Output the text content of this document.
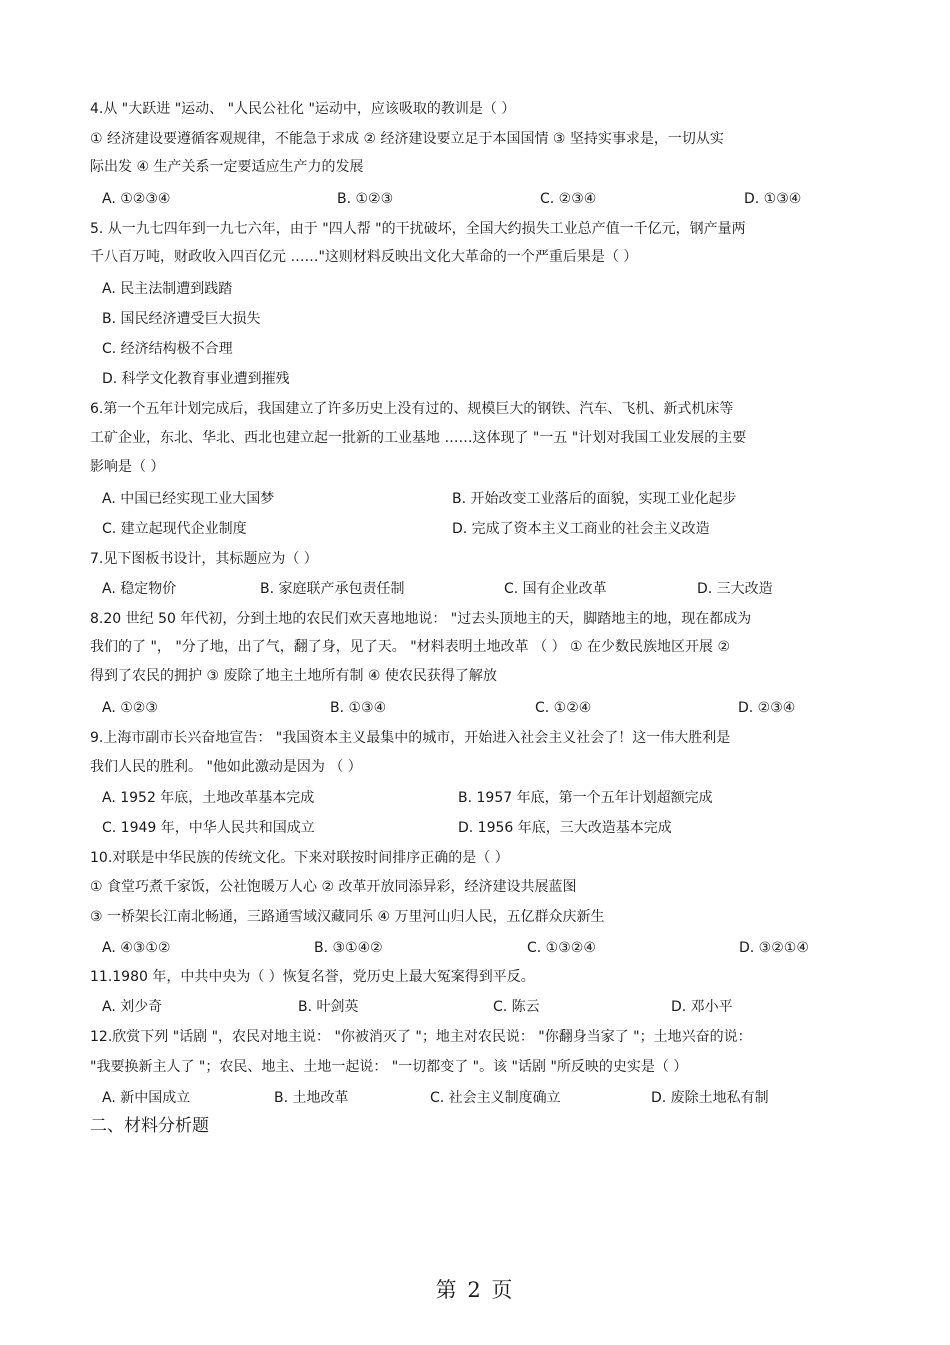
4.从 "大跃进 "运动、 "人民公社化 "运动中，应该吸取的教训是（ ）
① 经济建设要遵循客观规律，不能急于求成 ② 经济建设要立足于本国国情 ③ 坚持实事求是，一切从实
际出发 ④ 生产关系一定要适应生产力的发展
A. ①②③④	B. ①②③	C. ②③④	D. ①③④
5. 从一九七四年到一九七六年，由于 "四人帮 "的干扰破坏，全国大约损失工业总产值一千亿元，钢产量两
千八百万吨，财政收入四百亿元 ……"这则材料反映出文化大革命的一个严重后果是（ ）
A. 民主法制遭到践踏
B. 国民经济遭受巨大损失
C. 经济结构极不合理
D. 科学文化教育事业遭到摧残
6.第一个五年计划完成后，我国建立了许多历史上没有过的、规模巨大的钢铁、汽车、飞机、新式机床等
工矿企业，东北、华北、西北也建立起一批新的工业基地 ……这体现了 "一五 "计划对我国工业发展的主要
影响是（ ）
A. 中国已经实现工业大国梦	B. 开始改变工业落后的面貌，实现工业化起步
C. 建立起现代企业制度	D. 完成了资本主义工商业的社会主义改造
7.见下图板书设计，其标题应为（ ）
A. 稳定物价	B. 家庭联产承包责任制	C. 国有企业改革	D. 三大改造
8.20 世纪 50 年代初，分到土地的农民们欢天喜地地说： "过去头顶地主的天，脚踏地主的地，现在都成为
我们的了 "， "分了地，出了气，翻了身，见了天。 "材料表明土地改革 （ ） ① 在少数民族地区开展 ②
得到了农民的拥护 ③ 废除了地主土地所有制 ④ 使农民获得了解放
A. ①②③	B. ①③④	C. ①②④	D. ②③④
9.上海市副市长兴奋地宣告： "我国资本主义最集中的城市，开始进入社会主义社会了！这一伟大胜利是
我们人民的胜利。 "他如此激动是因为 （ ）
A. 1952 年底，土地改革基本完成	B. 1957 年底，第一个五年计划超额完成
C. 1949 年，中华人民共和国成立	D. 1956 年底，三大改造基本完成
10.对联是中华民族的传统文化。下来对联按时间排序正确的是（ ）
① 食堂巧煮千家饭，公社饱暖万人心 ② 改革开放同添异彩，经济建设共展蓝图
③ 一桥架长江南北畅通，三路通雪域汉藏同乐 ④ 万里河山归人民，五亿群众庆新生
A. ④③①②	B. ③①④②	C. ①③②④	D. ③②①④
11.1980 年，中共中央为（ ）恢复名誉，党历史上最大冤案得到平反。
A. 刘少奇	B. 叶剑英	C. 陈云	D. 邓小平
12.欣赏下列 "话剧 "，农民对地主说： "你被消灭了 "；地主对农民说： "你翻身当家了 "；土地兴奋的说：
"我要换新主人了 "；农民、地主、土地一起说： "一切都变了 "。该 "话剧 "所反映的史实是（ ）
A. 新中国成立	B. 土地改革	C. 社会主义制度确立	D. 废除土地私有制
二、材料分析题
第 2 页
